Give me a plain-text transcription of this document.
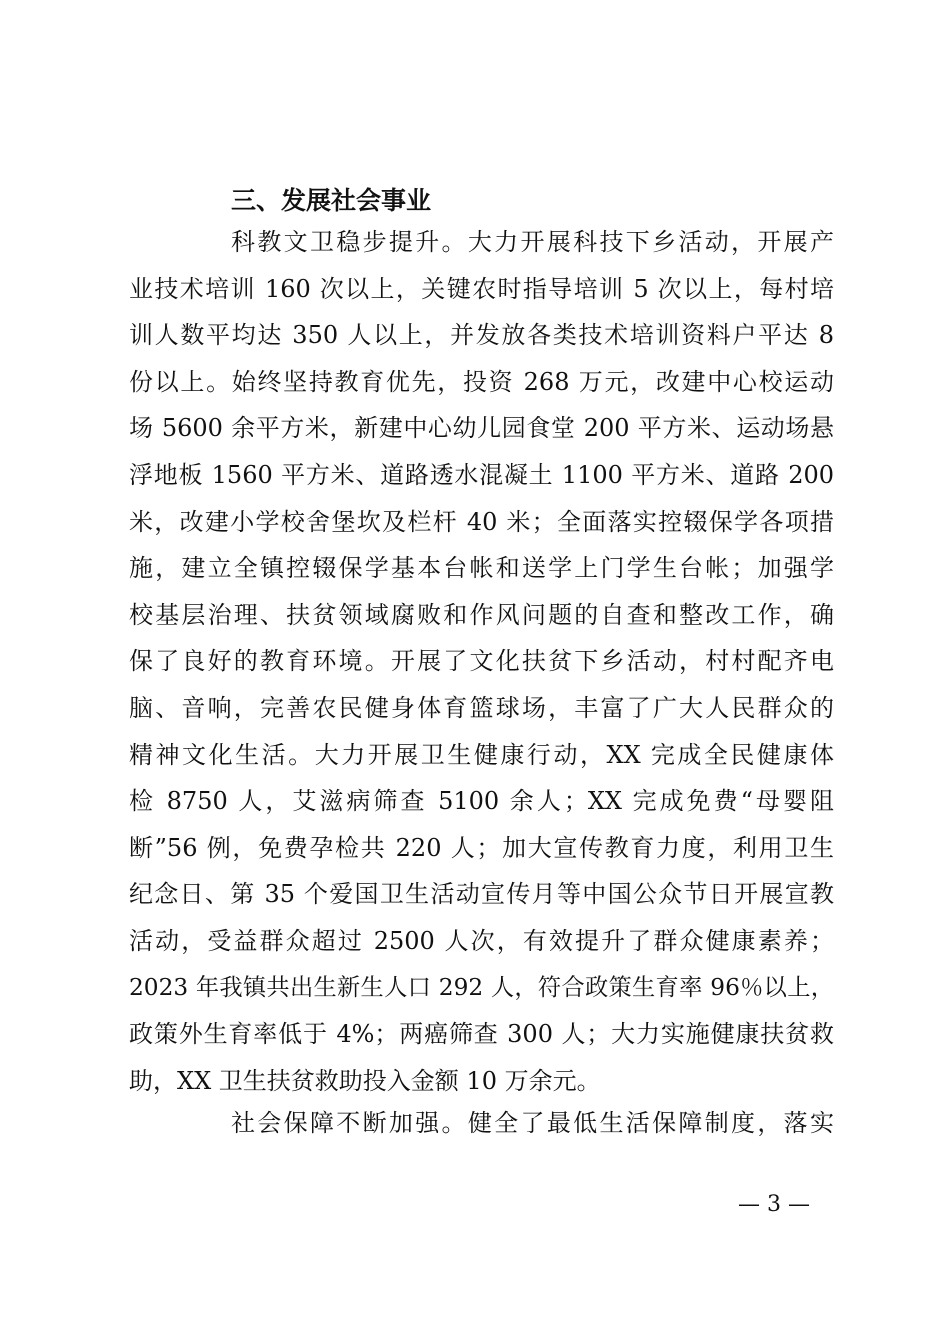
三、发展社会事业
科教文卫稳步提升。大力开展科技下乡活动，开展产
业技术培训 160 次以上，关键农时指导培训 5 次以上，每村培
训人数平均达 350 人以上，并发放各类技术培训资料户平达 8
份以上。始终坚持教育优先，投资 268 万元，改建中心校运动
场 5600 余平方米，新建中心幼儿园食堂 200 平方米、运动场悬
浮地板 1560 平方米、道路透水混凝土 1100 平方米、道路 200
米，改建小学校舍堡坎及栏杆 40 米；全面落实控辍保学各项措
施，建立全镇控辍保学基本台帐和送学上门学生台帐；加强学
校基层治理、扶贫领域腐败和作风问题的自查和整改工作，确
保了良好的教育环境。开展了文化扶贫下乡活动，村村配齐电
脑、音响，完善农民健身体育篮球场，丰富了广大人民群众的
精神文化生活。大力开展卫生健康行动，XX 完成全民健康体
检 8750 人，艾滋病筛查 5100 余人；XX 完成免费“母婴阻
断”56 例，免费孕检共 220 人；加大宣传教育力度，利用卫生
纪念日、第 35 个爱国卫生活动宣传月等中国公众节日开展宣教
活动，受益群众超过 2500 人次，有效提升了群众健康素养；
2023 年我镇共出生新生人口 292 人，符合政策生育率 96％以上，
政策外生育率低于 4%；两癌筛查 300 人；大力实施健康扶贫救
助，XX 卫生扶贫救助投入金额 10 万余元。
社会保障不断加强。健全了最低生活保障制度，落实
— 3 —
